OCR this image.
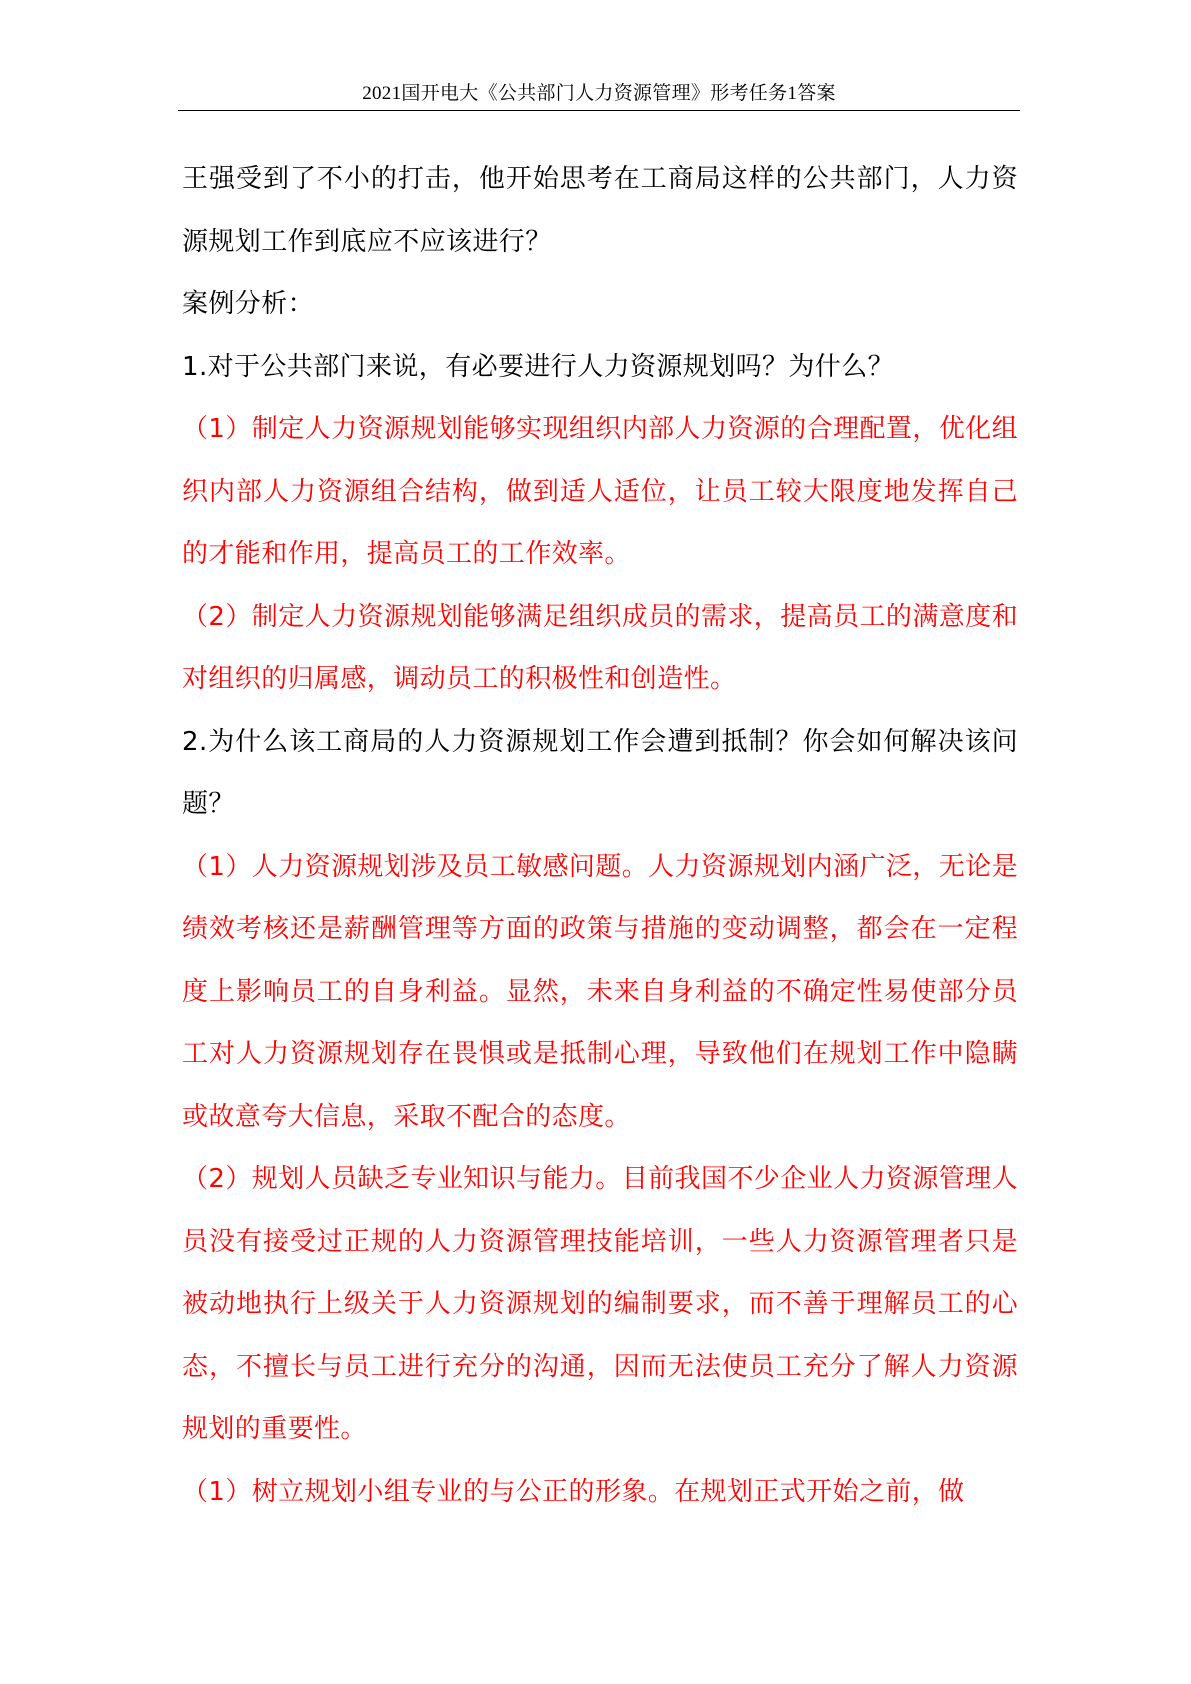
2021国开电大《公共部门人力资源管理》形考任务1答案

王强受到了不小的打击，他开始思考在工商局这样的公共部门，人力资源规划工作到底应不应该进行？

案例分析：

1.对于公共部门来说，有必要进行人力资源规划吗？为什么？

（1）制定人力资源规划能够实现组织内部人力资源的合理配置，优化组织内部人力资源组合结构，做到适人适位，让员工较大限度地发挥自己的才能和作用，提高员工的工作效率。

（2）制定人力资源规划能够满足组织成员的需求，提高员工的满意度和对组织的归属感，调动员工的积极性和创造性。

2.为什么该工商局的人力资源规划工作会遭到抵制？你会如何解决该问题？

（1）人力资源规划涉及员工敏感问题。人力资源规划内涵广泛，无论是绩效考核还是薪酬管理等方面的政策与措施的变动调整，都会在一定程度上影响员工的自身利益。显然，未来自身利益的不确定性易使部分员工对人力资源规划存在畏惧或是抵制心理，导致他们在规划工作中隐瞒或故意夸大信息，采取不配合的态度。

（2）规划人员缺乏专业知识与能力。目前我国不少企业人力资源管理人员没有接受过正规的人力资源管理技能培训，一些人力资源管理者只是被动地执行上级关于人力资源规划的编制要求，而不善于理解员工的心态，不擅长与员工进行充分的沟通，因而无法使员工充分了解人力资源规划的重要性。

（1）树立规划小组专业的与公正的形象。在规划正式开始之前，做
